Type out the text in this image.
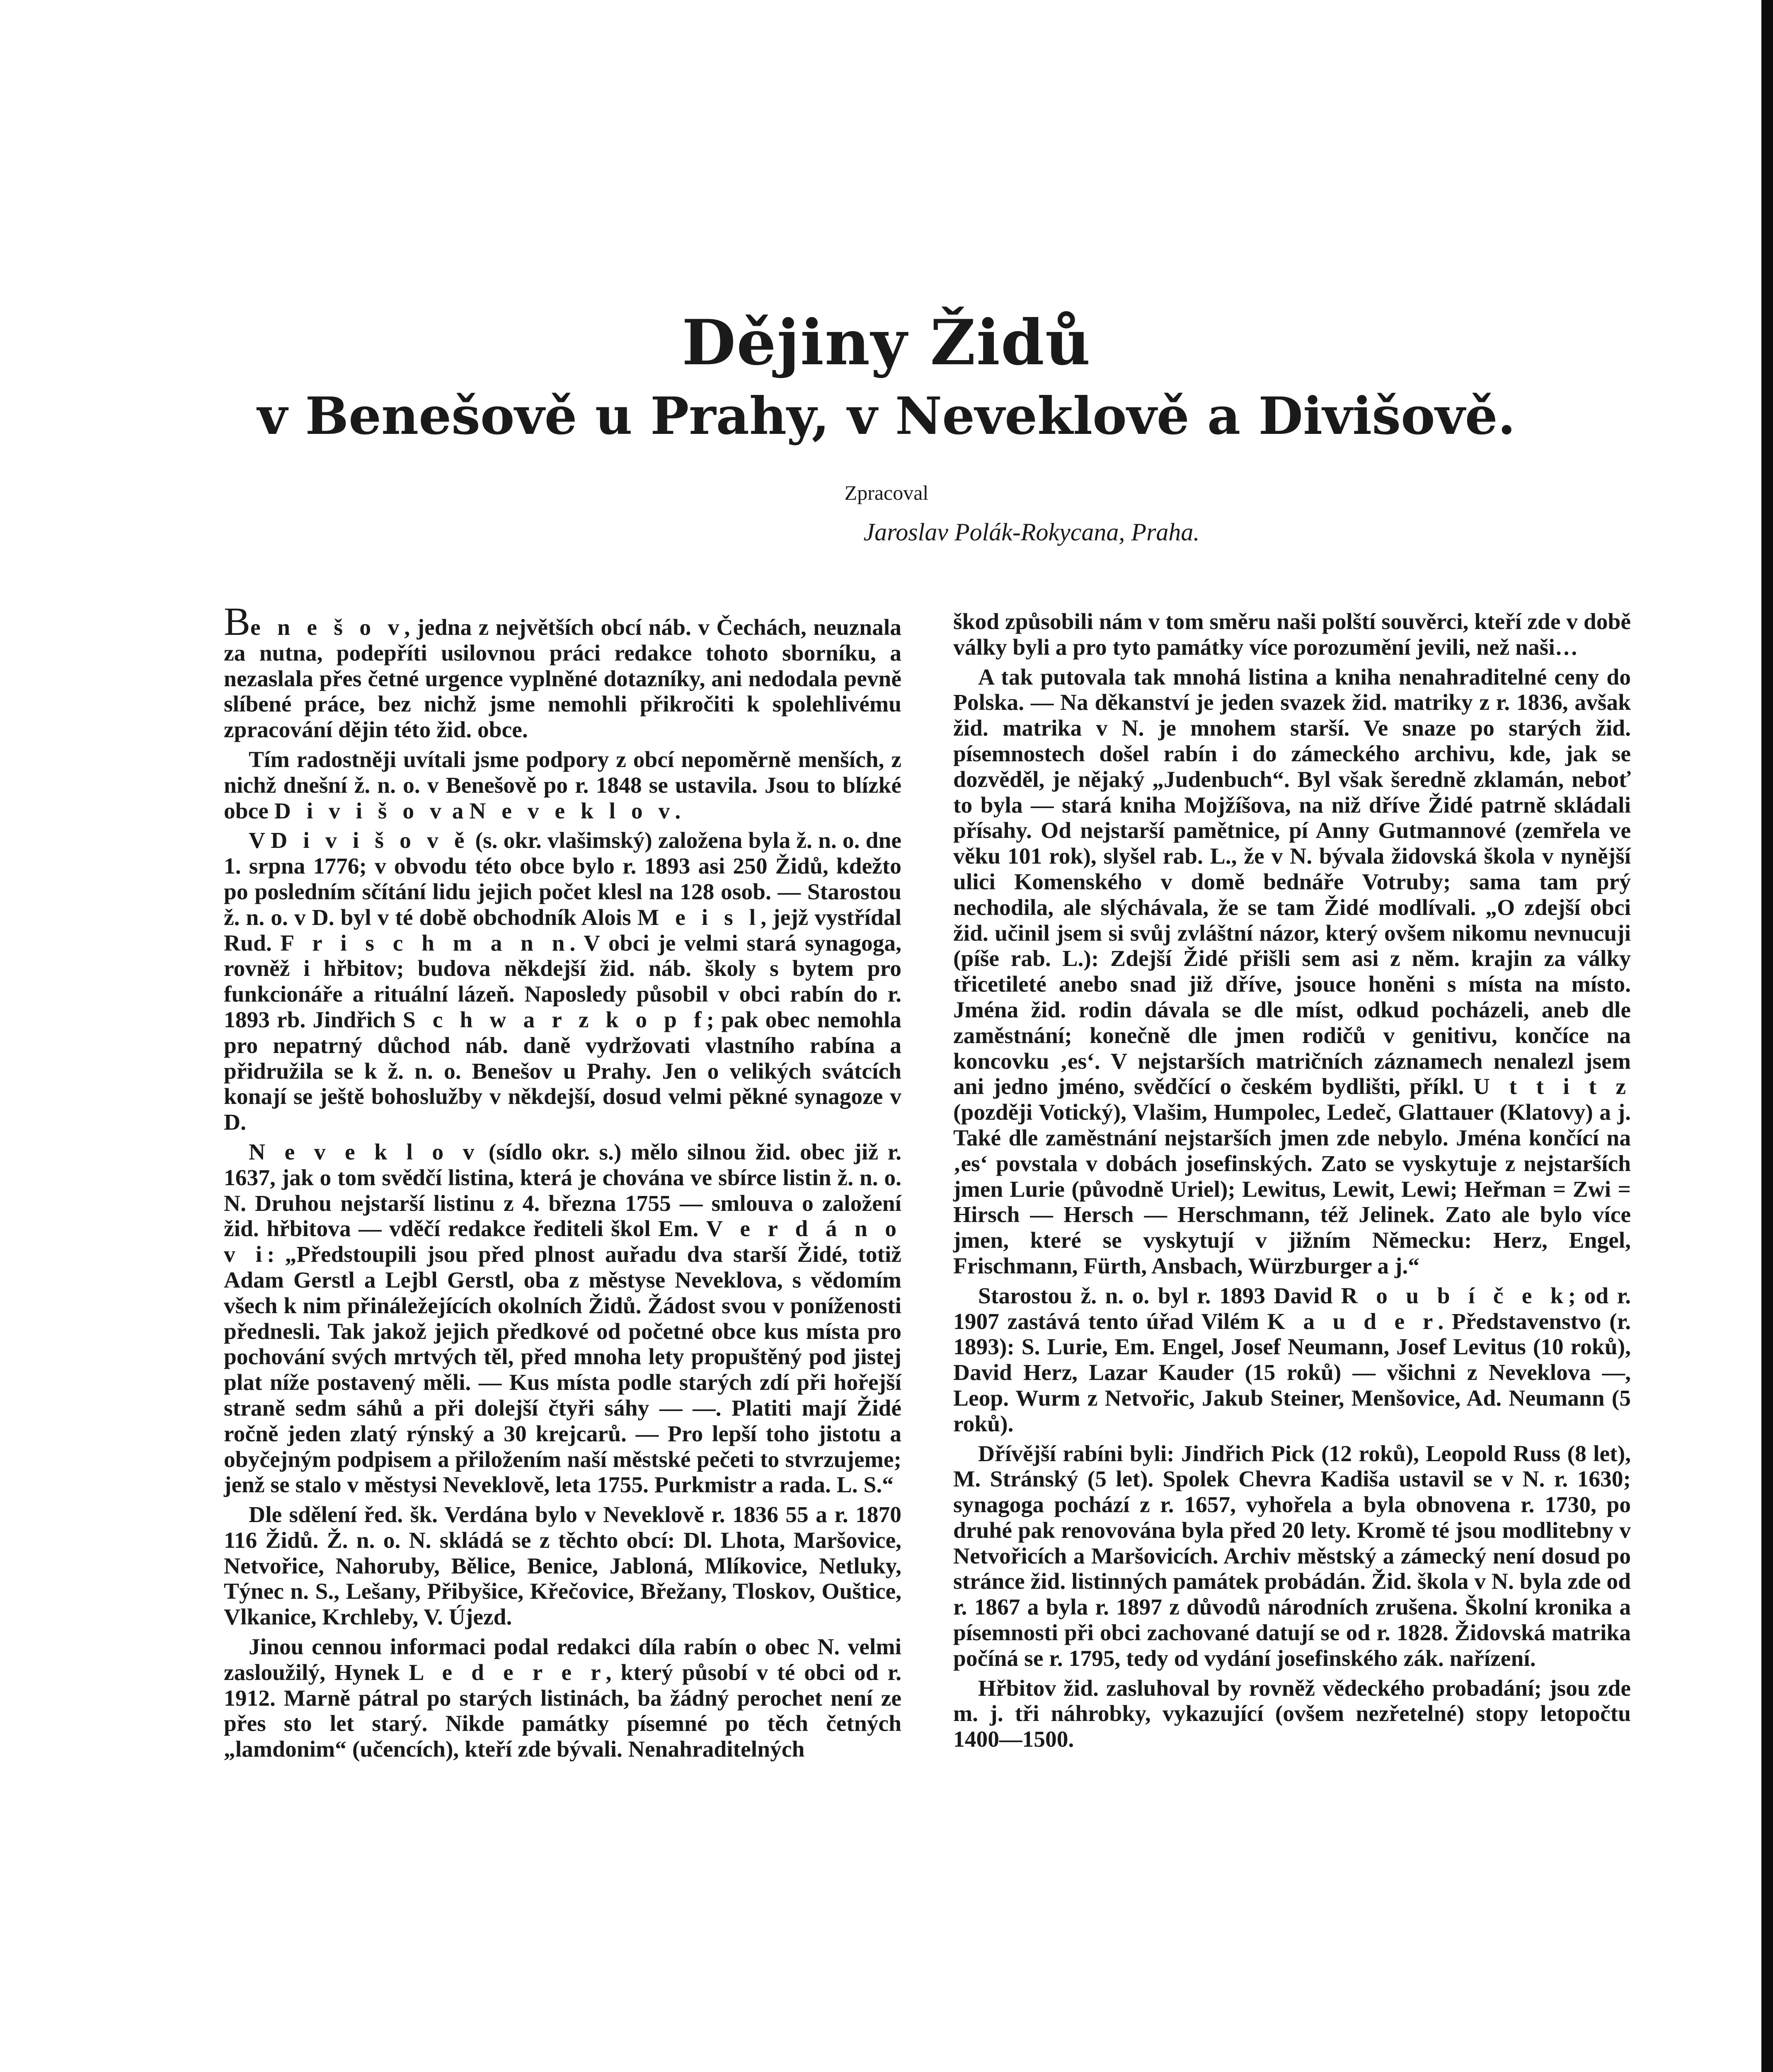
Dějiny Židů
v Benešově u Prahy, v Neveklově a Divišově.
Zpracoval
Jaroslav Polák-Rokycana, Praha.

Be n e š o v, jedna z největších obcí náb. v Čechách, neuznala za nutna, podepříti usilovnou práci redakce tohoto sborníku, a nezaslala přes četné urgence vyplněné dotazníky, ani nedodala pevně slíbené práce, bez nichž jsme nemohli přikročiti k spolehlivému zpracování dějin této žid. obce.

Tím radostněji uvítali jsme podpory z obcí nepoměrně menších, z nichž dnešní ž. n. o. v Benešově po r. 1848 se ustavila. Jsou to blízké obce D i v i š o v a N e v e k l o v.

V D i v i š o v ě (s. okr. vlašimský) založena byla ž. n. o. dne 1. srpna 1776; v obvodu této obce bylo r. 1893 asi 250 Židů, kdežto po posledním sčítání lidu jejich počet klesl na 128 osob. — Starostou ž. n. o. v D. byl v té době obchodník Alois M e i s l, jejž vystřídal Rud. F r i s c h m a n n. V obci je velmi stará synagoga, rovněž i hřbitov; budova někdejší žid. náb. školy s bytem pro funkcionáře a rituální lázeň. Naposledy působil v obci rabín do r. 1893 rb. Jindřich S c h w a r z k o p f; pak obec nemohla pro nepatrný důchod náb. daně vydržovati vlastního rabína a přidružila se k ž. n. o. Benešov u Prahy. Jen o velikých svátcích konají se ještě bohoslužby v někdejší, dosud velmi pěkné synagoze v D.

N e v e k l o v (sídlo okr. s.) mělo silnou žid. obec již r. 1637, jak o tom svědčí listina, která je chována ve sbírce listin ž. n. o. N. Druhou nejstarší listinu z 4. března 1755 — smlouva o založení žid. hřbitova — vděčí redakce řediteli škol Em. V e r d á n o v i: „Předstoupili jsou před plnost auřadu dva starší Židé, totiž Adam Gerstl a Lejbl Gerstl, oba z městyse Neveklova, s vědomím všech k nim přináležejících okolních Židů. Žádost svou v poníženosti přednesli. Tak jakož jejich předkové od početné obce kus místa pro pochování svých mrtvých těl, před mnoha lety propuštěný pod jistej plat níže postavený měli. — Kus místa podle starých zdí při hořejší straně sedm sáhů a při dolejší čtyři sáhy — —. Platiti mají Židé ročně jeden zlatý rýnský a 30 krejcarů. — Pro lepší toho jistotu a obyčejným podpisem a přiložením naší městské pečeti to stvrzujeme; jenž se stalo v městysi Neveklově, leta 1755. Purkmistr a rada. L. S.“

Dle sdělení řed. šk. Verdána bylo v Neveklově r. 1836 55 a r. 1870 116 Židů. Ž. n. o. N. skládá se z těchto obcí: Dl. Lhota, Maršovice, Netvořice, Nahoruby, Bělice, Benice, Jabloná, Mlíkovice, Netluky, Týnec n. S., Lešany, Přibyšice, Křečovice, Břežany, Tloskov, Ouštice, Vlkanice, Krchleby, V. Újezd.

Jinou cennou informaci podal redakci díla rabín o obec N. velmi zasloužilý, Hynek L e d e r e r, který působí v té obci od r. 1912. Marně pátral po starých listinách, ba žádný perochet není ze přes sto let starý. Nikde památky písemné po těch četných „lamdonim“ (učencích), kteří zde bývali. Nenahraditelných

škod způsobili nám v tom směru naši polští souvěrci, kteří zde v době války byli a pro tyto památky více porozumění jevili, než naši…

A tak putovala tak mnohá listina a kniha nenahraditelné ceny do Polska. — Na děkanství je jeden svazek žid. matriky z r. 1836, avšak žid. matrika v N. je mnohem starší. Ve snaze po starých žid. písemnostech došel rabín i do zámeckého archivu, kde, jak se dozvěděl, je nějaký „Judenbuch“. Byl však šeredně zklamán, neboť to byla — stará kniha Mojžíšova, na niž dříve Židé patrně skládali přísahy. Od nejstarší pamětnice, pí Anny Gutmannové (zemřela ve věku 101 rok), slyšel rab. L., že v N. bývala židovská škola v nynější ulici Komenského v domě bednáře Votruby; sama tam prý nechodila, ale slýchávala, že se tam Židé modlívali. „O zdejší obci žid. učinil jsem si svůj zvláštní názor, který ovšem nikomu nevnucuji (píše rab. L.): Zdejší Židé přišli sem asi z něm. krajin za války třicetileté anebo snad již dříve, jsouce honěni s místa na místo. Jména žid. rodin dávala se dle míst, odkud pocházeli, aneb dle zaměstnání; konečně dle jmen rodičů v genitivu, končíce na koncovku ‚es‘. V nejstarších matričních záznamech nenalezl jsem ani jedno jméno, svědčící o českém bydlišti, příkl. U t t i t z (později Votický), Vlašim, Humpolec, Ledeč, Glattauer (Klatovy) a j. Také dle zaměstnání nejstarších jmen zde nebylo. Jména končící na ‚es‘ povstala v dobách josefinských. Zato se vyskytuje z nejstarších jmen Lurie (původně Uriel); Lewitus, Lewit, Lewi; Heřman = Zwi = Hirsch — Hersch — Herschmann, též Jelinek. Zato ale bylo více jmen, které se vyskytují v jižním Německu: Herz, Engel, Frischmann, Fürth, Ansbach, Würzburger a j.“

Starostou ž. n. o. byl r. 1893 David R o u b í č e k; od r. 1907 zastává tento úřad Vilém K a u d e r. Představenstvo (r. 1893): S. Lurie, Em. Engel, Josef Neumann, Josef Levitus (10 roků), David Herz, Lazar Kauder (15 roků) — všichni z Neveklova —, Leop. Wurm z Netvořic, Jakub Steiner, Menšovice, Ad. Neumann (5 roků).

Dřívější rabíni byli: Jindřich Pick (12 roků), Leopold Russ (8 let), M. Stránský (5 let). Spolek Chevra Kadiša ustavil se v N. r. 1630; synagoga pochází z r. 1657, vyhořela a byla obnovena r. 1730, po druhé pak renovována byla před 20 lety. Kromě té jsou modlitebny v Netvořicích a Maršovicích. Archiv městský a zámecký není dosud po stránce žid. listinných památek probádán. Žid. škola v N. byla zde od r. 1867 a byla r. 1897 z důvodů národních zrušena. Školní kronika a písemnosti při obci zachované datují se od r. 1828. Židovská matrika počíná se r. 1795, tedy od vydání josefinského zák. nařízení.

Hřbitov žid. zasluhoval by rovněž vědeckého probadání; jsou zde m. j. tři náhrobky, vykazující (ovšem nezřetelné) stopy letopočtu 1400—1500.
